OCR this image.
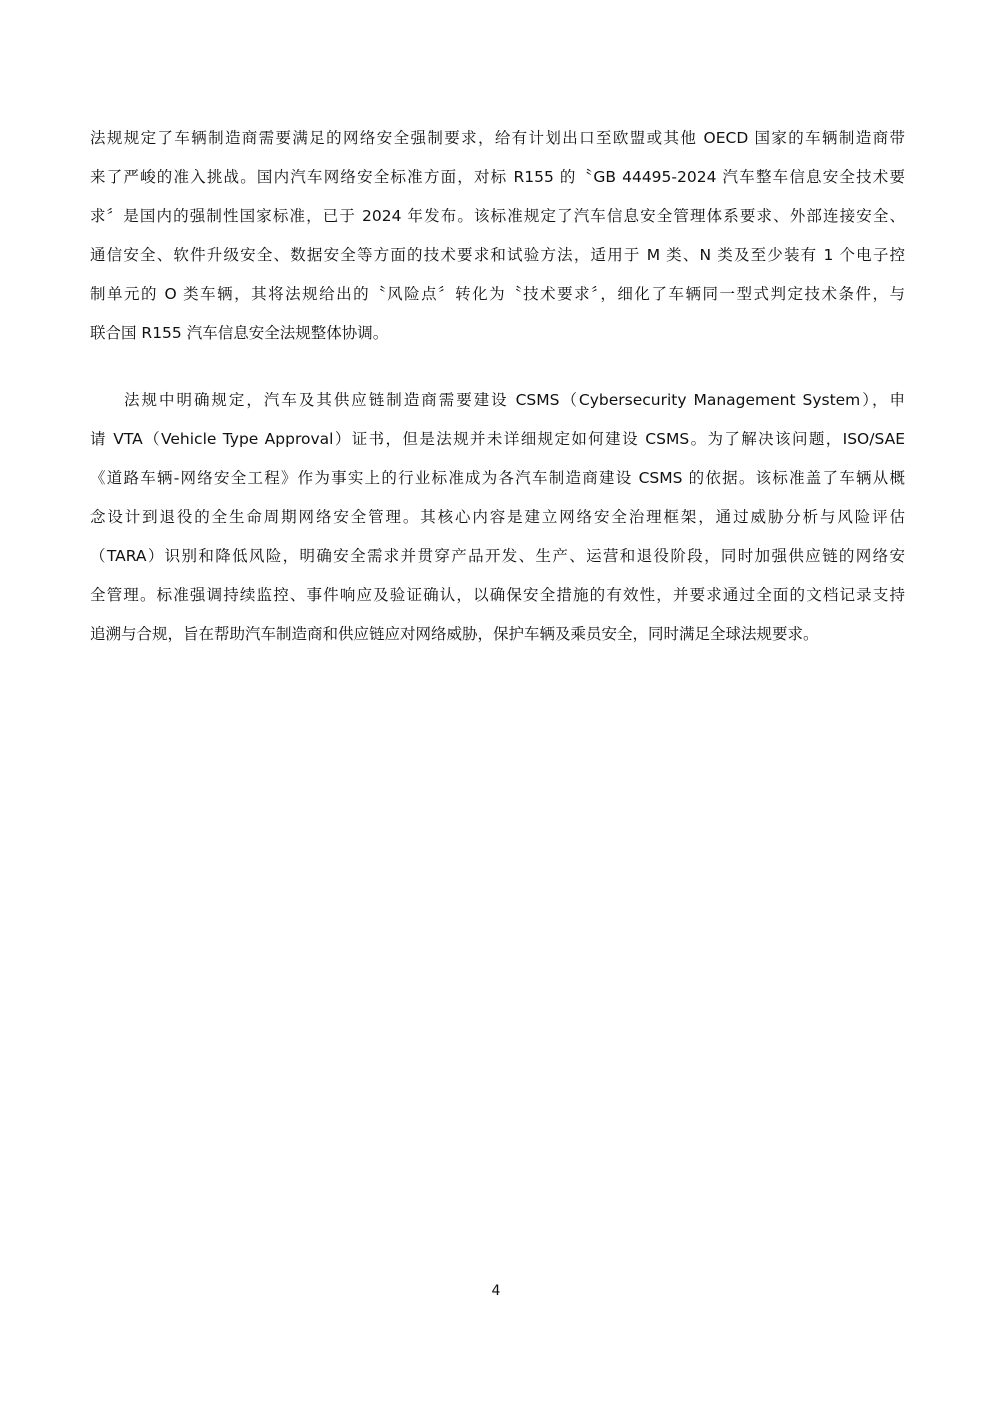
法规规定了车辆制造商需要满足的网络安全强制要求，给有计划出口至欧盟或其他 OECD 国家的车辆制造商带
来了严峻的准入挑战。国内汽车网络安全标准方面，对标 R155 的〝GB 44495-2024 汽车整车信息安全技术要
求〞是国内的强制性国家标准，已于 2024 年发布。该标准规定了汽车信息安全管理体系要求、外部连接安全、
通信安全、软件升级安全、数据安全等方面的技术要求和试验方法，适用于 M 类、N 类及至少装有 1 个电子控
制单元的 O 类车辆，其将法规给出的〝风险点〞转化为〝技术要求〞，细化了车辆同一型式判定技术条件，与
联合国 R155 汽车信息安全法规整体协调。
法规中明确规定，汽车及其供应链制造商需要建设 CSMS（Cybersecurity Management System），申
请 VTA（Vehicle Type Approval）证书，但是法规并未详细规定如何建设 CSMS。为了解决该问题，ISO/SAE
《道路车辆-网络安全工程》作为事实上的行业标准成为各汽车制造商建设 CSMS 的依据。该标准盖了车辆从概
念设计到退役的全生命周期网络安全管理。其核心内容是建立网络安全治理框架，通过威胁分析与风险评估
（TARA）识别和降低风险，明确安全需求并贯穿产品开发、生产、运营和退役阶段，同时加强供应链的网络安
全管理。标准强调持续监控、事件响应及验证确认，以确保安全措施的有效性，并要求通过全面的文档记录支持
追溯与合规，旨在帮助汽车制造商和供应链应对网络威胁，保护车辆及乘员安全，同时满足全球法规要求。
4
